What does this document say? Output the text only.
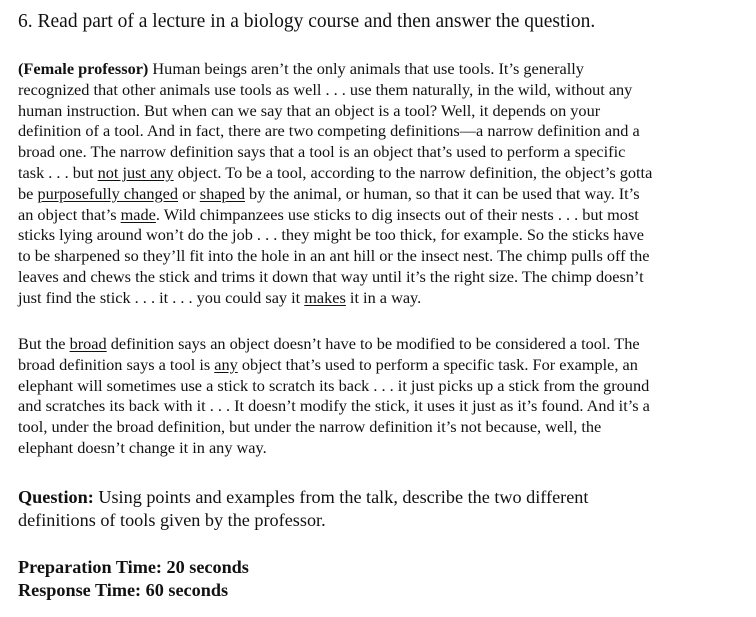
6. Read part of a lecture in a biology course and then answer the question.
(Female professor) Human beings aren’t the only animals that use tools. It’s generally
recognized that other animals use tools as well . . . use them naturally, in the wild, without any
human instruction. But when can we say that an object is a tool? Well, it depends on your
definition of a tool. And in fact, there are two competing definitions—a narrow definition and a
broad one. The narrow definition says that a tool is an object that’s used to perform a specific
task . . . but not just any object. To be a tool, according to the narrow definition, the object’s gotta
be purposefully changed or shaped by the animal, or human, so that it can be used that way. It’s
an object that’s made. Wild chimpanzees use sticks to dig insects out of their nests . . . but most
sticks lying around won’t do the job . . . they might be too thick, for example. So the sticks have
to be sharpened so they’ll fit into the hole in an ant hill or the insect nest. The chimp pulls off the
leaves and chews the stick and trims it down that way until it’s the right size. The chimp doesn’t
just find the stick . . . it . . . you could say it makes it in a way.
But the broad definition says an object doesn’t have to be modified to be considered a tool. The
broad definition says a tool is any object that’s used to perform a specific task. For example, an
elephant will sometimes use a stick to scratch its back . . . it just picks up a stick from the ground
and scratches its back with it . . . It doesn’t modify the stick, it uses it just as it’s found. And it’s a
tool, under the broad definition, but under the narrow definition it’s not because, well, the
elephant doesn’t change it in any way.
Question: Using points and examples from the talk, describe the two different
definitions of tools given by the professor.
Preparation Time: 20 seconds
Response Time: 60 seconds
